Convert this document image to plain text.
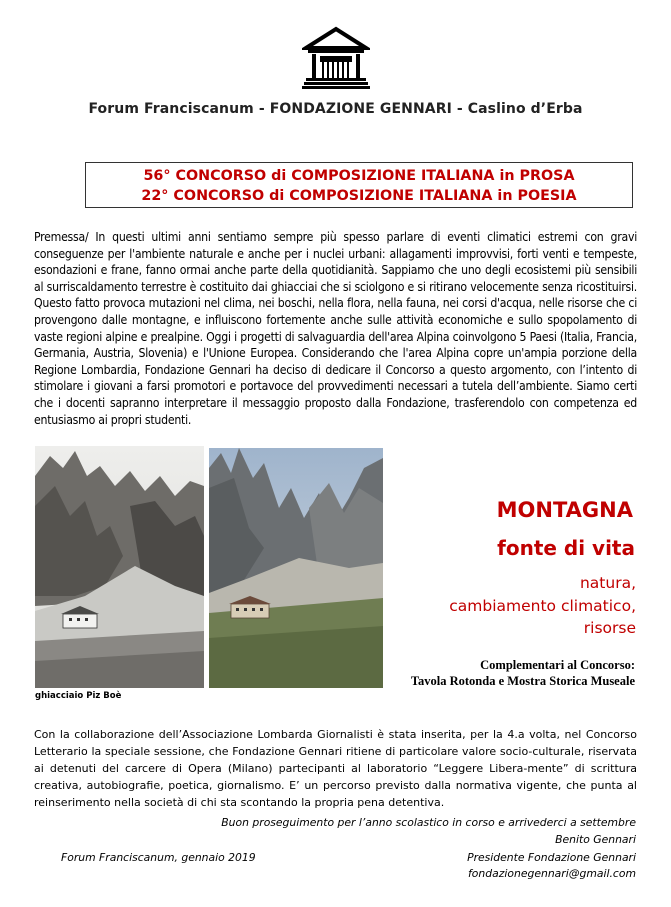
Forum Franciscanum - FONDAZIONE GENNARI - Caslino d’Erba
56° CONCORSO di COMPOSIZIONE ITALIANA in PROSA
22° CONCORSO di COMPOSIZIONE ITALIANA in POESIA
Premessa/ In questi ultimi anni sentiamo sempre più spesso parlare di eventi climatici estremi con gravi conseguenze per l'ambiente naturale e anche per i nuclei urbani: allagamenti improvvisi, forti venti e tempeste, esondazioni e frane, fanno ormai anche parte della quotidianità. Sappiamo che uno degli ecosistemi più sensibili al surriscaldamento terrestre è costituito dai ghiacciai che si sciolgono e si ritirano velocemente senza ricostituirsi. Questo fatto provoca mutazioni nel clima, nei boschi, nella flora, nella fauna, nei corsi d'acqua, nelle risorse che ci provengono dalle montagne, e influiscono fortemente anche sulle attività economiche e sullo spopolamento di vaste regioni alpine e prealpine. Oggi i progetti di salvaguardia dell'area Alpina coinvolgono 5 Paesi (Italia, Francia, Germania, Austria, Slovenia) e l'Unione Europea. Considerando che l'area Alpina copre un'ampia porzione della Regione Lombardia, Fondazione Gennari ha deciso di dedicare il Concorso a questo argomento, con l’intento di stimolare i giovani a farsi promotori e portavoce del provvedimenti necessari a tutela dell’ambiente. Siamo certi che i docenti sapranno interpretare il messaggio proposto dalla Fondazione, trasferendolo con competenza ed entusiasmo ai propri studenti.
ghiacciaio Piz Boè
MONTAGNA
fonte di vita
natura,
cambiamento climatico,
risorse
Complementari al Concorso:
Tavola Rotonda e Mostra Storica Museale
Con la collaborazione dell’Associazione Lombarda Giornalisti è stata inserita, per la 4.a volta, nel Concorso Letterario la speciale sessione, che Fondazione Gennari ritiene di particolare valore socio-culturale, riservata ai detenuti del carcere di Opera (Milano) partecipanti al laboratorio “Leggere Libera-mente” di scrittura creativa, autobiografie, poetica, giornalismo. E’ un percorso previsto dalla normativa vigente, che punta al reinserimento nella società di chi sta scontando la propria pena detentiva.
Buon proseguimento per l’anno scolastico in corso e arrivederci a settembre
Benito Gennari
Forum Franciscanum, gennaio 2019	Presidente Fondazione Gennari
fondazionegennari@gmail.com
